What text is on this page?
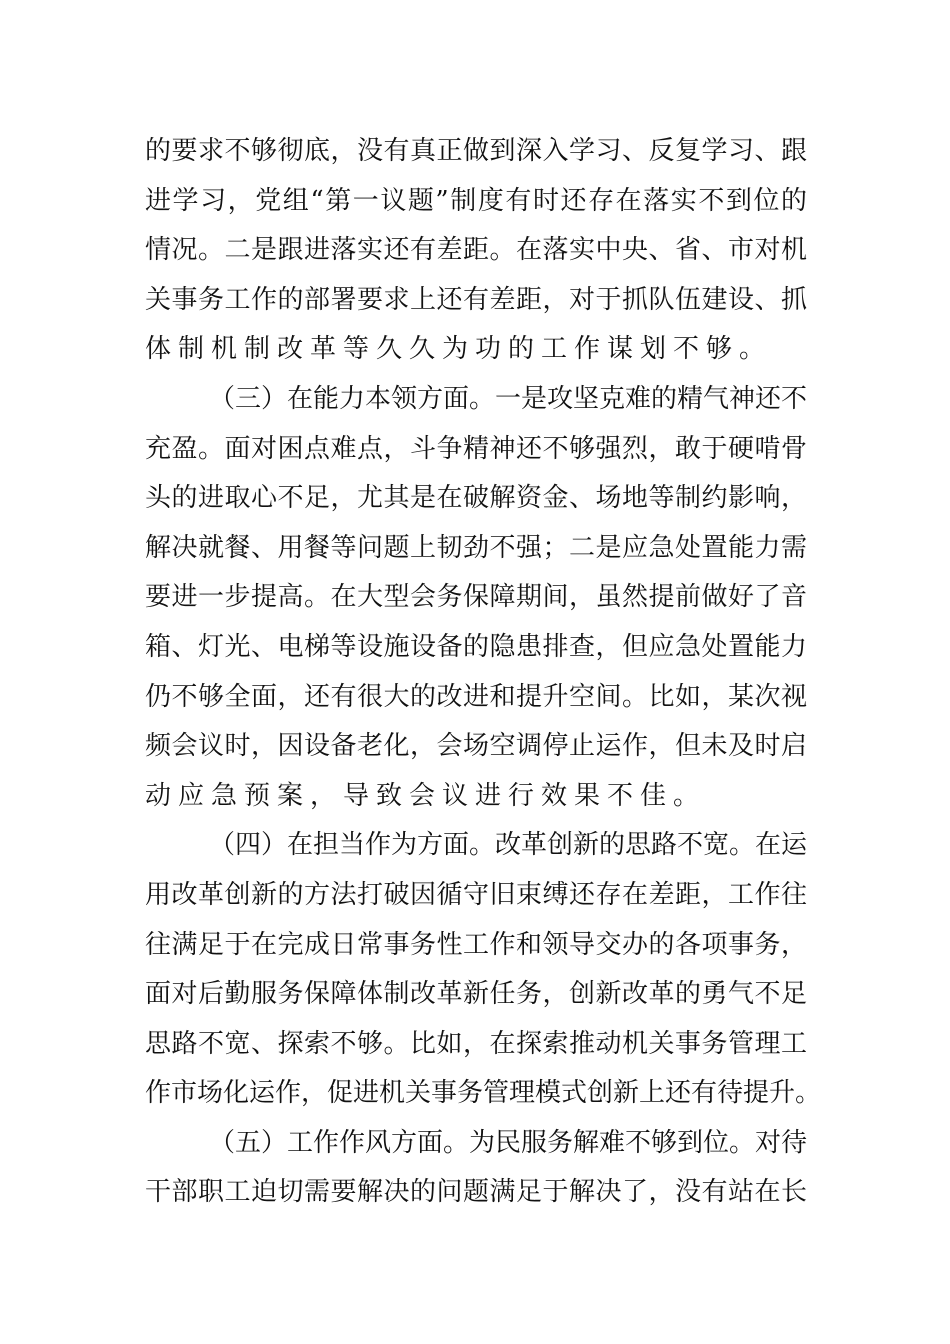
的要求不够彻底，没有真正做到深入学习、反复学习、跟
进学习，党组“第一议题”制度有时还存在落实不到位的
情况。二是跟进落实还有差距。在落实中央、省、市对机
关事务工作的部署要求上还有差距，对于抓队伍建设、抓
体制机制改革等久久为功的工作谋划不够。
（三）在能力本领方面。一是攻坚克难的精气神还不
充盈。面对困点难点，斗争精神还不够强烈，敢于硬啃骨
头的进取心不足，尤其是在破解资金、场地等制约影响，
解决就餐、用餐等问题上韧劲不强；二是应急处置能力需
要进一步提高。在大型会务保障期间，虽然提前做好了音
箱、灯光、电梯等设施设备的隐患排查，但应急处置能力
仍不够全面，还有很大的改进和提升空间。比如，某次视
频会议时，因设备老化，会场空调停止运作，但未及时启
动应急预案，导致会议进行效果不佳。
（四）在担当作为方面。改革创新的思路不宽。在运
用改革创新的方法打破因循守旧束缚还存在差距，工作往
往满足于在完成日常事务性工作和领导交办的各项事务，
面对后勤服务保障体制改革新任务，创新改革的勇气不足
思路不宽、探索不够。比如，在探索推动机关事务管理工
作市场化运作，促进机关事务管理模式创新上还有待提升。
（五）工作作风方面。为民服务解难不够到位。对待
干部职工迫切需要解决的问题满足于解决了，没有站在长
